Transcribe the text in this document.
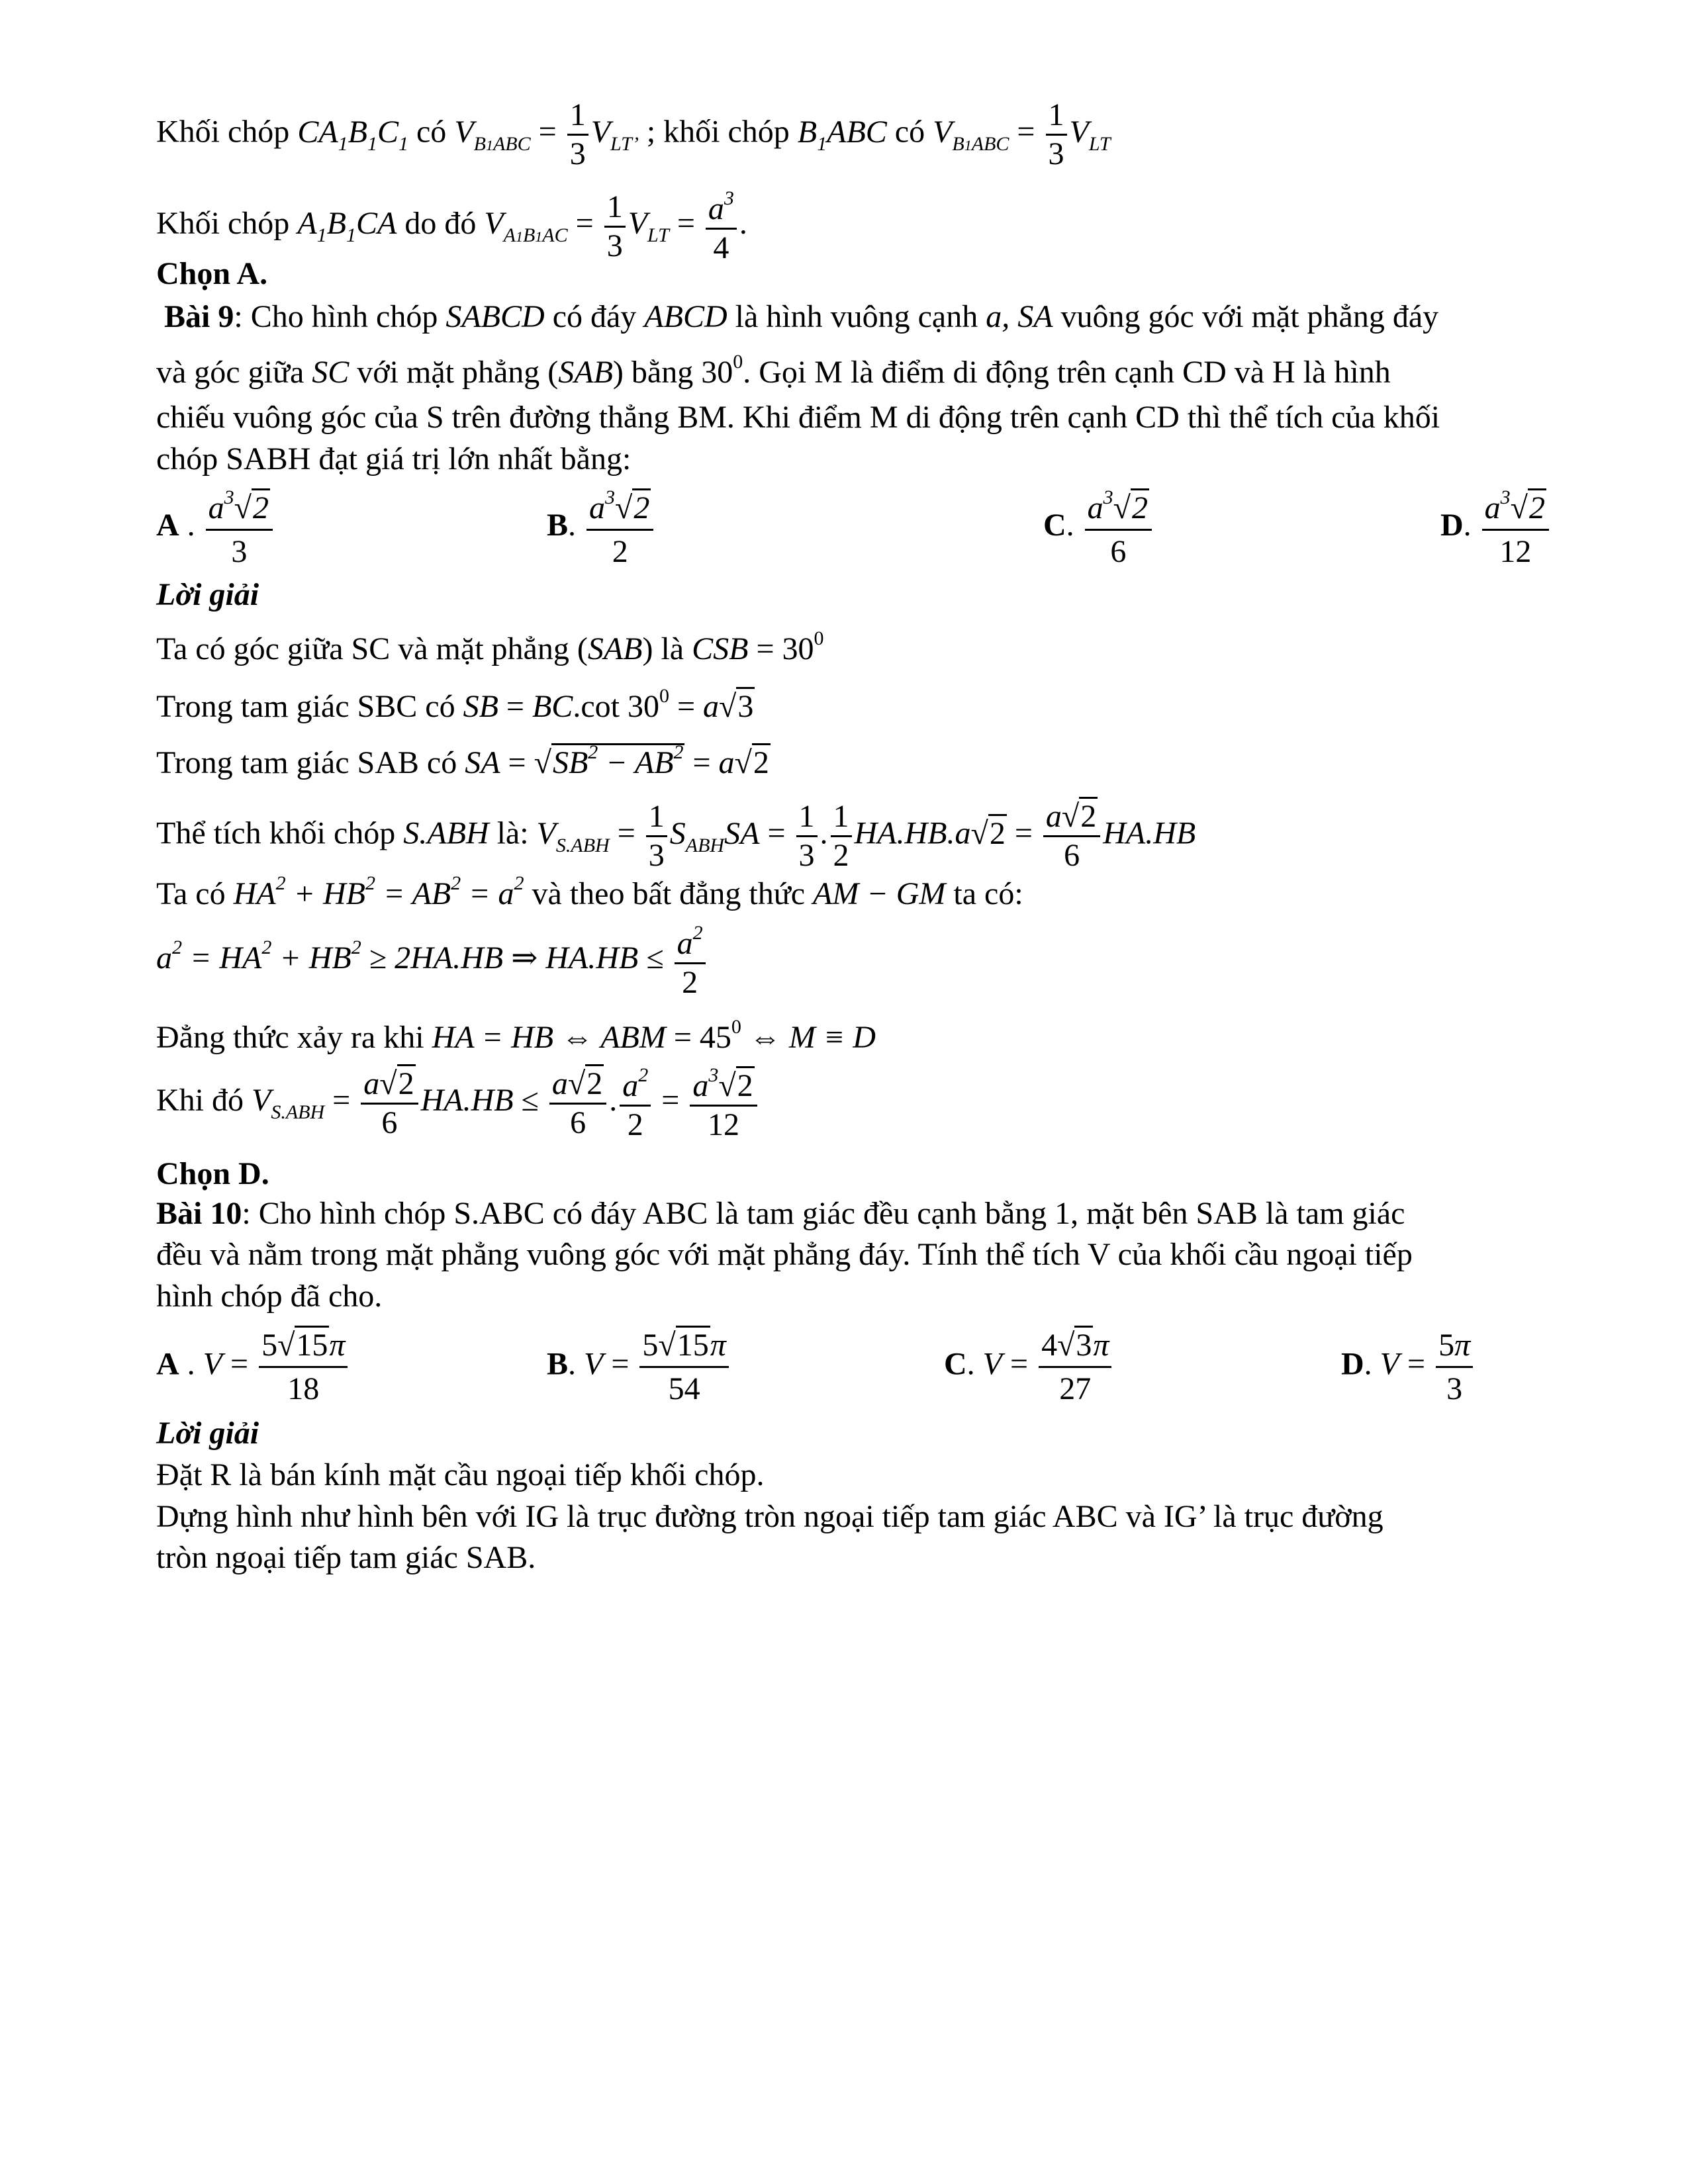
Khối chóp $CA_1B_1C_1$ có $V_{B1ABC} = \frac{1}{3} V_{LT’}$ ; khối chóp $B_1ABC$ có $V_{B1ABC} = \frac{1}{3} V_{LT}$
Khối chóp $A_1B_1CA$ do đó $V_{A1B1AC} = \frac{1}{3} V_{LT} = \frac{a^3}{4}$ .
Chọn A.
Bài 9: Cho hình chóp SABCD có đáy ABCD là hình vuông cạnh a, SA vuông góc với mặt phẳng đáy
và góc giữa SC với mặt phẳng (SAB) bằng $30^0$. Gọi M là điểm di động trên cạnh CD và H là hình
chiếu vuông góc của S trên đường thẳng BM. Khi điểm M di động trên cạnh CD thì thể tích của khối
chóp SABH đạt giá trị lớn nhất bằng:
A . $\frac{a^3√2}{3}$	B. $\frac{a^3√2}{2}$	C. $\frac{a^3√2}{6}$	D. $\frac{a^3√2}{12}$
Lời giải
Ta có góc giữa SC và mặt phẳng (SAB) là CSB = $30^0$
Trong tam giác SBC có SB = BC.cot $30^0 = a√3$
Trong tam giác SAB có SA = $√SB^2 - AB^2 = a√2$
Thể tích khối chóp S.ABH là: $V_{S.ABH} = \frac{1}{3} S_{ABH}SA = \frac{1}{3}$ . $\frac{1}{2} HA.HB.a√2 = \frac{a√2}{6} HA.HB$
Ta có $HA^2 + HB^2 = AB^2 = a^2$ và theo bất đẳng thức AM − GM ta có:
$a^2 = HA^2 + HB^2 \ge 2HA.HB$ ⇒ $HA.HB \le \frac{a^2}{2}$
Đẳng thức xảy ra khi HA = HB ⇔ ABM = $45^0$ ⇔ M ≡ D
Khi đó $V_{S.ABH} = \frac{a√2}{6} HA.HB \le \frac{a√2}{6}$ . $\frac{a^2}{2} = \frac{a^3√2}{12}$
Chọn D.
Bài 10: Cho hình chóp S.ABC có đáy ABC là tam giác đều cạnh bằng 1, mặt bên SAB là tam giác
đều và nằm trong mặt phẳng vuông góc với mặt phẳng đáy. Tính thể tích V của khối cầu ngoại tiếp
hình chóp đã cho.
A . $V = \frac{5√15\pi}{18}$	B. $V = \frac{5√15\pi}{54}$	C. $V = \frac{4√3\pi}{27}$	D. $V = \frac{5\pi}{3}$
Lời giải
Đặt R là bán kính mặt cầu ngoại tiếp khối chóp.
Dựng hình như hình bên với IG là trục đường tròn ngoại tiếp tam giác ABC và IG’ là trục đường
tròn ngoại tiếp tam giác SAB.
